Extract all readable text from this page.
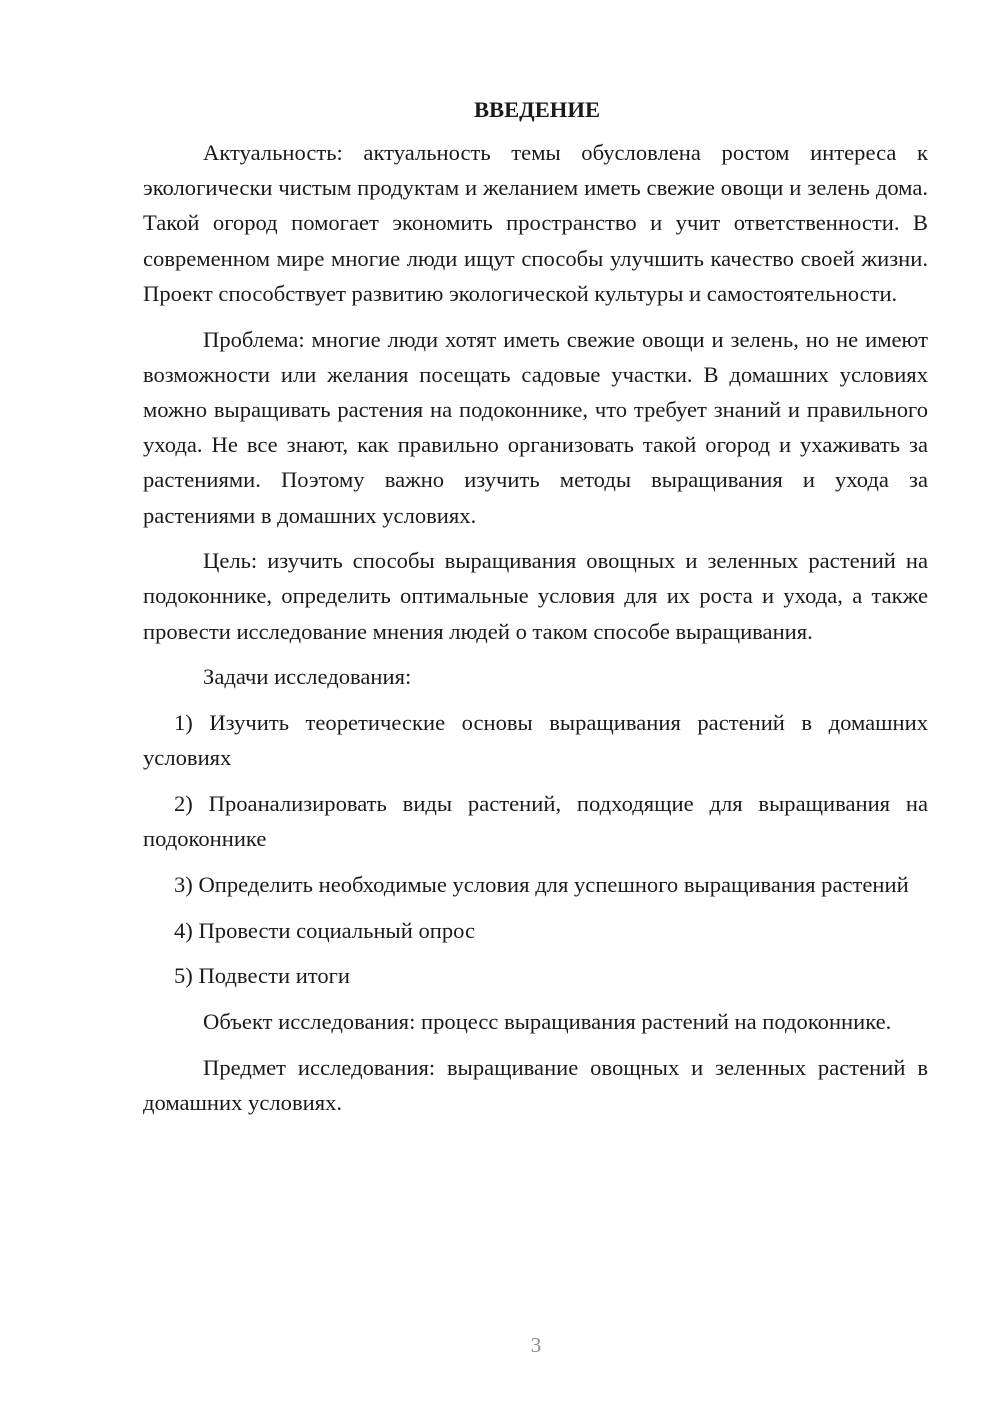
ВВЕДЕНИЕ

Актуальность: актуальность темы обусловлена ростом интереса к экологически чистым продуктам и желанием иметь свежие овощи и зелень дома. Такой огород помогает экономить пространство и учит ответственности. В современном мире многие люди ищут способы улучшить качество своей жизни. Проект способствует развитию экологической культуры и самостоятельности.

Проблема: многие люди хотят иметь свежие овощи и зелень, но не имеют возможности или желания посещать садовые участки. В домашних условиях можно выращивать растения на подоконнике, что требует знаний и правильного ухода. Не все знают, как правильно организовать такой огород и ухаживать за растениями. Поэтому важно изучить методы выращивания и ухода за растениями в домашних условиях.

Цель: изучить способы выращивания овощных и зеленных растений на подоконнике, определить оптимальные условия для их роста и ухода, а также провести исследование мнения людей о таком способе выращивания.

Задачи исследования:

1) Изучить теоретические основы выращивания растений в домашних условиях

2) Проанализировать виды растений, подходящие для выращивания на подоконнике

3) Определить необходимые условия для успешного выращивания растений

4) Провести социальный опрос

5) Подвести итоги

Объект исследования: процесс выращивания растений на подоконнике.

Предмет исследования: выращивание овощных и зеленных растений в домашних условиях.

3
